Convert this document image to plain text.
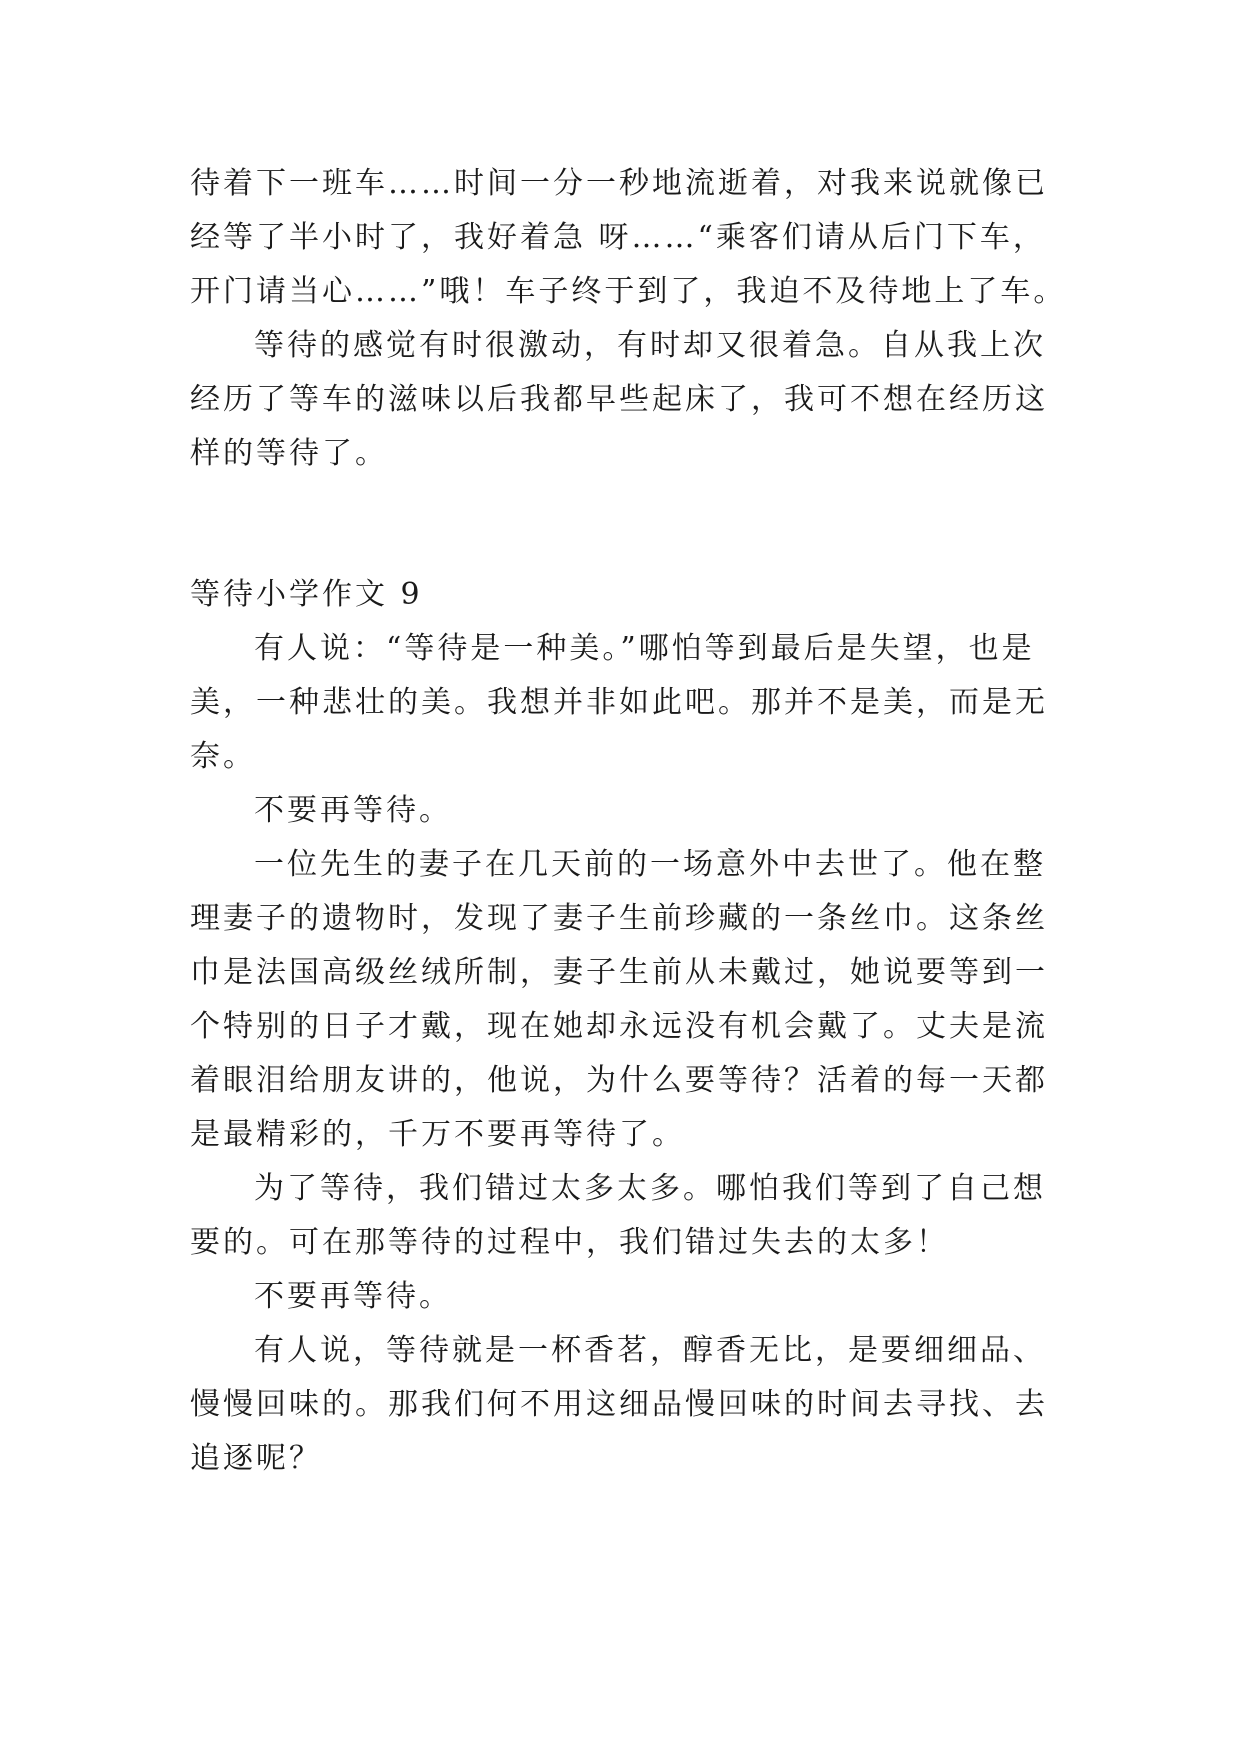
待着下一班车……时间一分一秒地流逝着，对我来说就像已
经等了半小时了，我好着急 呀……“乘客们请从后门下车，
开门请当心……”哦！车子终于到了，我迫不及待地上了车。
等待的感觉有时很激动，有时却又很着急。自从我上次
经历了等车的滋味以后我都早些起床了，我可不想在经历这
样的等待了。
等待小学作文 9
有人说：“等待是一种美。”哪怕等到最后是失望，也是
美，一种悲壮的美。我想并非如此吧。那并不是美，而是无
奈。
不要再等待。
一位先生的妻子在几天前的一场意外中去世了。他在整
理妻子的遗物时，发现了妻子生前珍藏的一条丝巾。这条丝
巾是法国高级丝绒所制，妻子生前从未戴过，她说要等到一
个特别的日子才戴，现在她却永远没有机会戴了。丈夫是流
着眼泪给朋友讲的，他说，为什么要等待？活着的每一天都
是最精彩的，千万不要再等待了。
为了等待，我们错过太多太多。哪怕我们等到了自己想
要的。可在那等待的过程中，我们错过失去的太多！
不要再等待。
有人说，等待就是一杯香茗，醇香无比，是要细细品、
慢慢回味的。那我们何不用这细品慢回味的时间去寻找、去
追逐呢？
